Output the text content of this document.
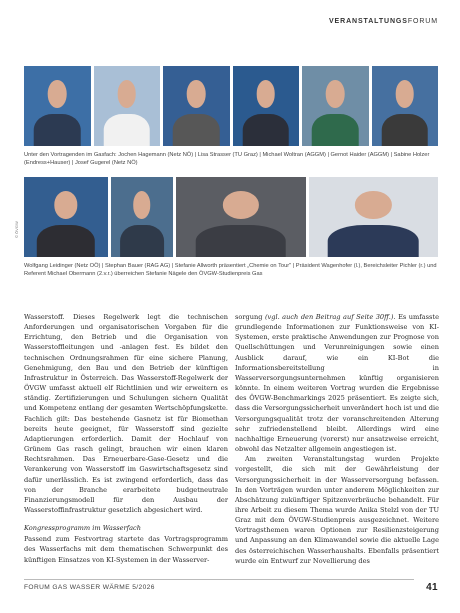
VERANSTALTUNGSFORUM
Unter den Vortragenden im Gasfach: Jochen Hagemann (Netz NÖ) | Lisa Strasser (TU Graz) | Michael Woltran (AGGM) | Gernot Haider (AGGM) | Sabine Holzer (Endress+Hauser) | Josef Gugerel (Netz NÖ)
© ÖVGW
Wolfgang Leidinger (Netz OÖ) | Stephan Bauer (RAG AG) | Stefanie Allworth präsentiert „Chemie on Tour" | Präsident Wagenhofer (l.), Bereichsleiter Pichler (r.) und Referent Michael Obermann (2.v.r.) überreichen Stefanie Nägele den ÖVGW-Studienpreis Gas

Wasserstoff. Dieses Regelwerk legt die technischen Anforderungen und organisatorischen Vorgaben für die Errichtung, den Betrieb und die Organisation von Wasserstoffleitungen und -anlagen fest. Es bildet den technischen Ordnungsrahmen für eine sichere Planung, Genehmigung, den Bau und den Betrieb der künftigen Infrastruktur in Österreich. Das Wasserstoff-Regelwerk der ÖVGW umfasst aktuell elf Richtlinien und wir erweitern es ständig. Zertifizierungen und Schulungen sichern Qualität und Kompetenz entlang der gesamten Wertschöpfungskette. Fachlich gilt: Das bestehende Gasnetz ist für Biomethan bereits heute geeignet, für Wasserstoff sind gezielte Adaptierungen erforderlich. Damit der Hochlauf von Grünem Gas rasch gelingt, brauchen wir einen klaren Rechtsrahmen. Das Erneuerbare-Gase-Gesetz und die Verankerung von Wasserstoff im Gaswirtschaftsgesetz sind dafür unerlässlich. Es ist zwingend erforderlich, dass das von der Branche erarbeitete budgetneutrale Finanzierungsmodell für den Ausbau der Wasserstoffinfrastruktur gesetzlich abgesichert wird.

Kongressprogramm im Wasserfach

Passend zum Festvortrag startete das Vortragsprogramm des Wasserfachs mit dem thematischen Schwerpunkt des künftigen Einsatzes von KI-Systemen in der Wasserver-

sorgung (vgl. auch den Beitrag auf Seite 30ff.). Es umfasste grundlegende Informationen zur Funktionsweise von KI-Systemen, erste praktische Anwendungen zur Prognose von Quellschüttungen und Verunreinigungen sowie einen Ausblick darauf, wie ein KI-Bot die Informationsbereitstellung in Wasserversorgungsunternehmen künftig organisieren könnte. In einem weiteren Vortrag wurden die Ergebnisse des ÖVGW-Benchmarkings 2025 präsentiert. Es zeigte sich, dass die Versorgungssicherheit unverändert hoch ist und die Versorgungsqualität trotz der voranschreitenden Alterung sehr zufriedenstellend bleibt. Allerdings wird eine nachhaltige Erneuerung (vorerst) nur ansatzweise erreicht, obwohl das Netzalter allgemein angestiegen ist.

Am zweiten Veranstaltungstag wurden Projekte vorgestellt, die sich mit der Gewährleistung der Versorgungssicherheit in der Wasserversorgung befassen. In den Vorträgen wurden unter anderem Möglichkeiten zur Abschätzung zukünftiger Spitzenverbräuche behandelt. Für ihre Arbeit zu diesem Thema wurde Anika Stelzl von der TU Graz mit dem ÖVGW-Studienpreis ausgezeichnet. Weitere Vortragsthemen waren Optionen zur Resilienzsteigerung und Anpassung an den Klimawandel sowie die aktuelle Lage des österreichischen Wasserhaushalts. Ebenfalls präsentiert wurde ein Entwurf zur Novellierung des

FORUM GAS WASSER WÄRME 5/2026	41
